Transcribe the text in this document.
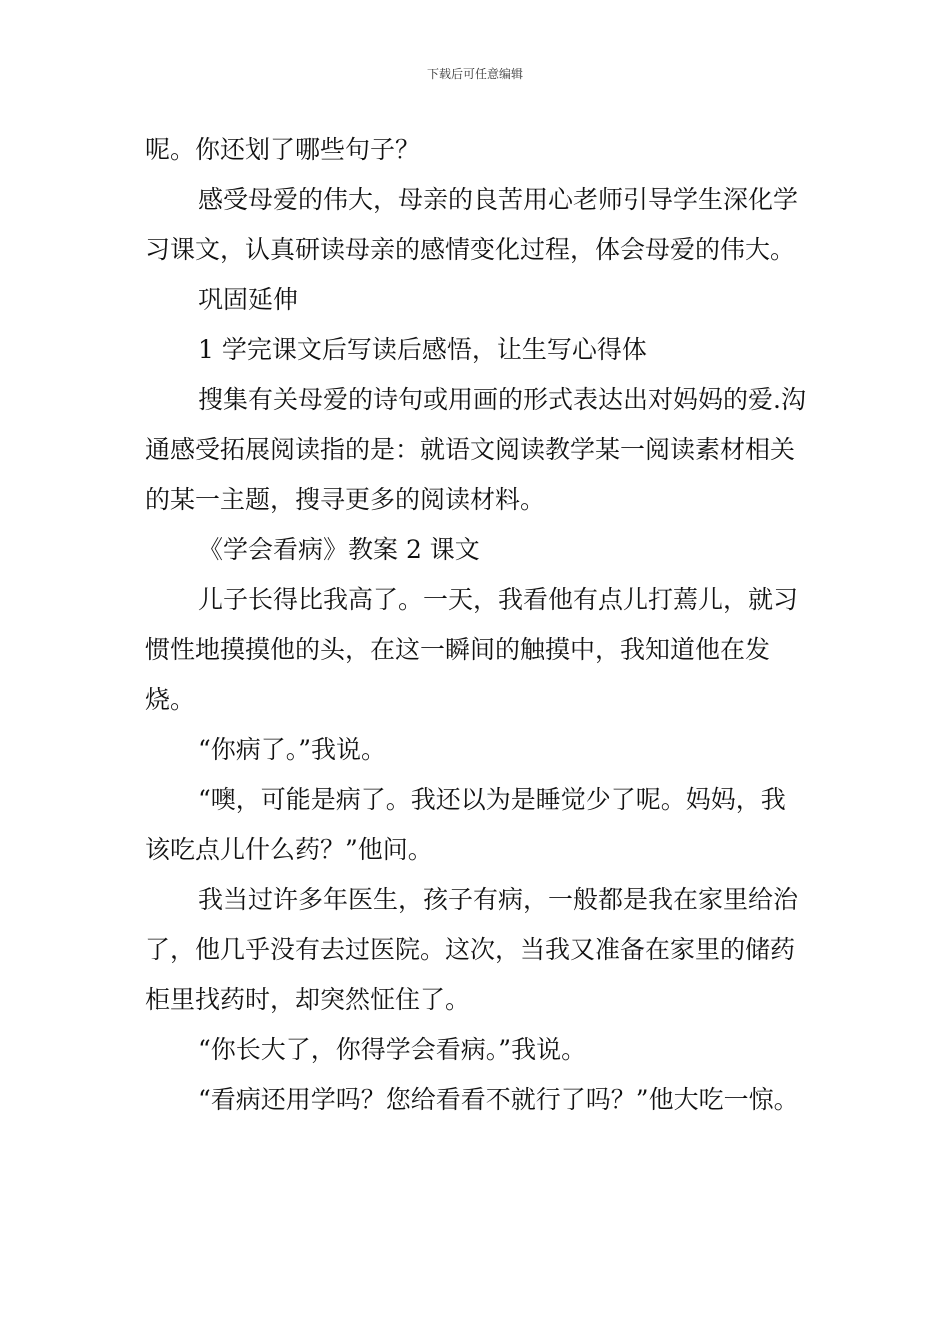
下载后可任意编辑

呢。你还划了哪些句子？

感受母爱的伟大，母亲的良苦用心老师引导学生深化学习课文，认真研读母亲的感情变化过程，体会母爱的伟大。

巩固延伸

1 学完课文后写读后感悟，让生写心得体

搜集有关母爱的诗句或用画的形式表达出对妈妈的爱.沟通感受拓展阅读指的是：就语文阅读教学某一阅读素材相关的某一主题，搜寻更多的阅读材料。

《学会看病》教案 2 课文

儿子长得比我高了。一天，我看他有点儿打蔫儿，就习惯性地摸摸他的头，在这一瞬间的触摸中，我知道他在发烧。

“你病了。”我说。

“噢，可能是病了。我还以为是睡觉少了呢。妈妈，我该吃点儿什么药？”他问。

我当过许多年医生，孩子有病，一般都是我在家里给治了，他几乎没有去过医院。这次，当我又准备在家里的储药柜里找药时，却突然怔住了。

“你长大了，你得学会看病。”我说。

“看病还用学吗？您给看看不就行了吗？”他大吃一惊。
